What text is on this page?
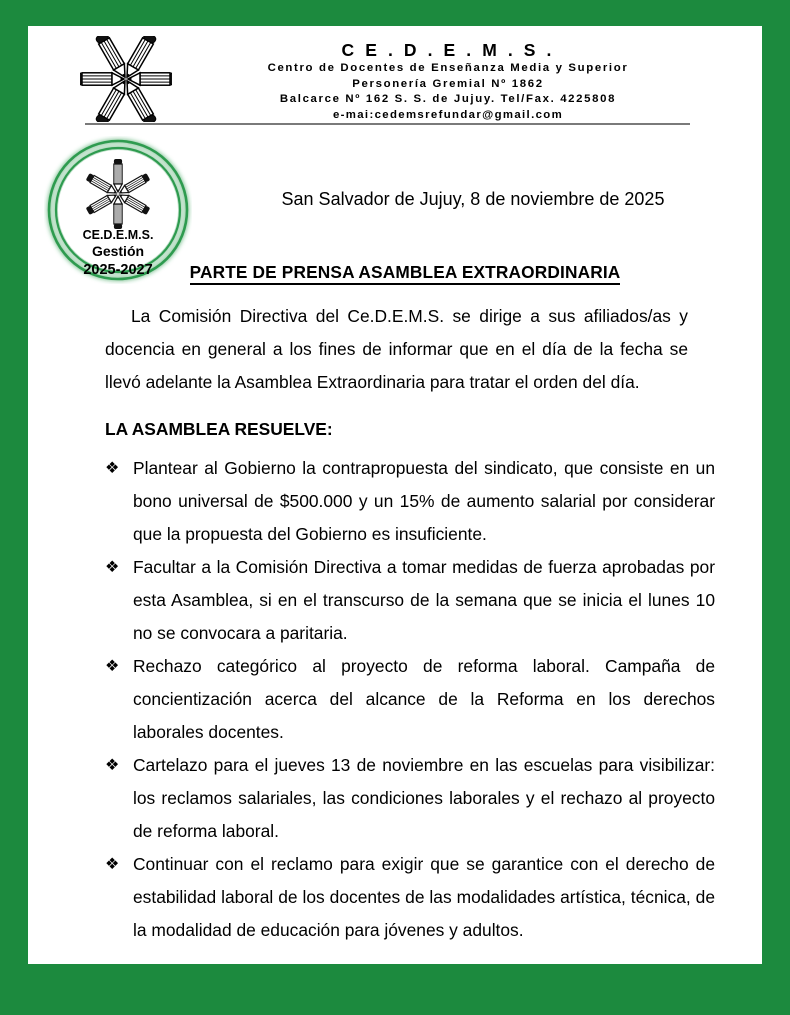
C E . D . E . M . S .
Centro de Docentes de Enseñanza Media y Superior
Personería Gremial Nº 1862
Balcarce Nº 162 S. S. de Jujuy. Tel/Fax. 4225808
e-mai:cedemsrefundar@gmail.com
CE.D.E.M.S.
Gestión
2025-2027
San Salvador de Jujuy, 8 de noviembre de 2025
PARTE DE PRENSA ASAMBLEA EXTRAORDINARIA

La Comisión Directiva del Ce.D.E.M.S. se dirige a sus afiliados/as y docencia en general a los fines de informar que en el día de la fecha se llevó adelante la Asamblea Extraordinaria para tratar el orden del día.

LA ASAMBLEA RESUELVE:
❖ Plantear al Gobierno la contrapropuesta del sindicato, que consiste en un bono universal de $500.000 y un 15% de aumento salarial por considerar que la propuesta del Gobierno es insuficiente.
❖ Facultar a la Comisión Directiva a tomar medidas de fuerza aprobadas por esta Asamblea, si en el transcurso de la semana que se inicia el lunes 10 no se convocara a paritaria.
❖ Rechazo categórico al proyecto de reforma laboral. Campaña de concientización acerca del alcance de la Reforma en los derechos laborales docentes.
❖ Cartelazo para el jueves 13 de noviembre en las escuelas para visibilizar: los reclamos salariales, las condiciones laborales y el rechazo al proyecto de reforma laboral.
❖ Continuar con el reclamo para exigir que se garantice con el derecho de estabilidad laboral de los docentes de las modalidades artística, técnica, de la modalidad de educación para jóvenes y adultos.
